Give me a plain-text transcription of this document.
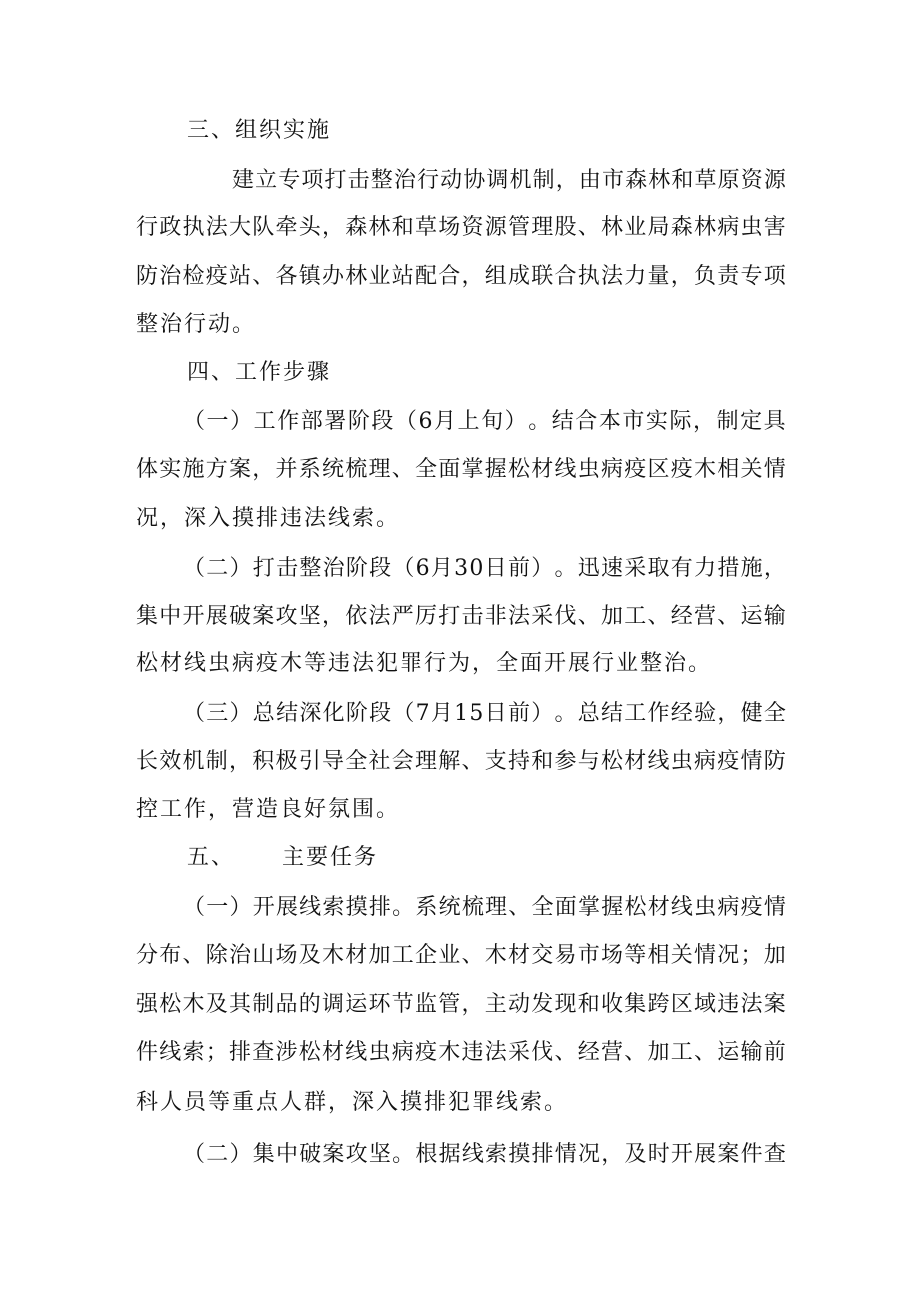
三、组织实施
建 立 专 项 打 击 整 治 行 动 协 调 机 制 ， 由 市 森 林 和 草 原 资 源
行 政 执 法 大 队 牵 头 ， 森 林 和 草 场 资 源 管 理 股 、 林 业 局 森 林 病 虫 害
防 治 检 疫 站 、 各 镇 办 林 业 站 配 合 ， 组 成 联 合 执 法 力 量 ， 负 责 专 项
整治行动。
四、工作步骤
（ 一 ） 工 作 部 署 阶 段 （ 6 月 上 旬 ） 。 结 合 本 市 实 际 ， 制 定 具
体 实 施 方 案 ， 并 系 统 梳 理 、 全 面 掌 握 松 材 线 虫 病 疫 区 疫 木 相 关 情
况，深入摸排违法线索。
（ 二 ） 打 击 整 治 阶 段 （ 6 月 3 0 日 前 ） 。 迅 速 采 取 有 力 措 施 ，
集 中 开 展 破 案 攻 坚 ， 依 法 严 厉 打 击 非 法 采 伐 、 加 工 、 经 营 、 运 输
松材线虫病疫木等违法犯罪行为，全面开展行业整治。
（ 三 ） 总 结 深 化 阶 段 （ 7 月 1 5 日 前 ） 。 总 结 工 作 经 验 ， 健 全
长 效 机 制 ， 积 极 引 导 全 社 会 理 解 、 支 持 和 参 与 松 材 线 虫 病 疫 情 防
控工作，营造良好氛围。
五、 主要任务
（ 一 ） 开 展 线 索 摸 排 。 系 统 梳 理 、 全 面 掌 握 松 材 线 虫 病 疫 情
分 布 、 除 治 山 场 及 木 材 加 工 企 业 、 木 材 交 易 市 场 等 相 关 情 况 ； 加
强 松 木 及 其 制 品 的 调 运 环 节 监 管 ， 主 动 发 现 和 收 集 跨 区 域 违 法 案
件 线 索 ； 排 查 涉 松 材 线 虫 病 疫 木 违 法 采 伐 、 经 营 、 加 工 、 运 输 前
科人员等重点人群，深入摸排犯罪线索。
（ 二 ） 集 中 破 案 攻 坚 。 根 据 线 索 摸 排 情 况 ， 及 时 开 展 案 件 查
